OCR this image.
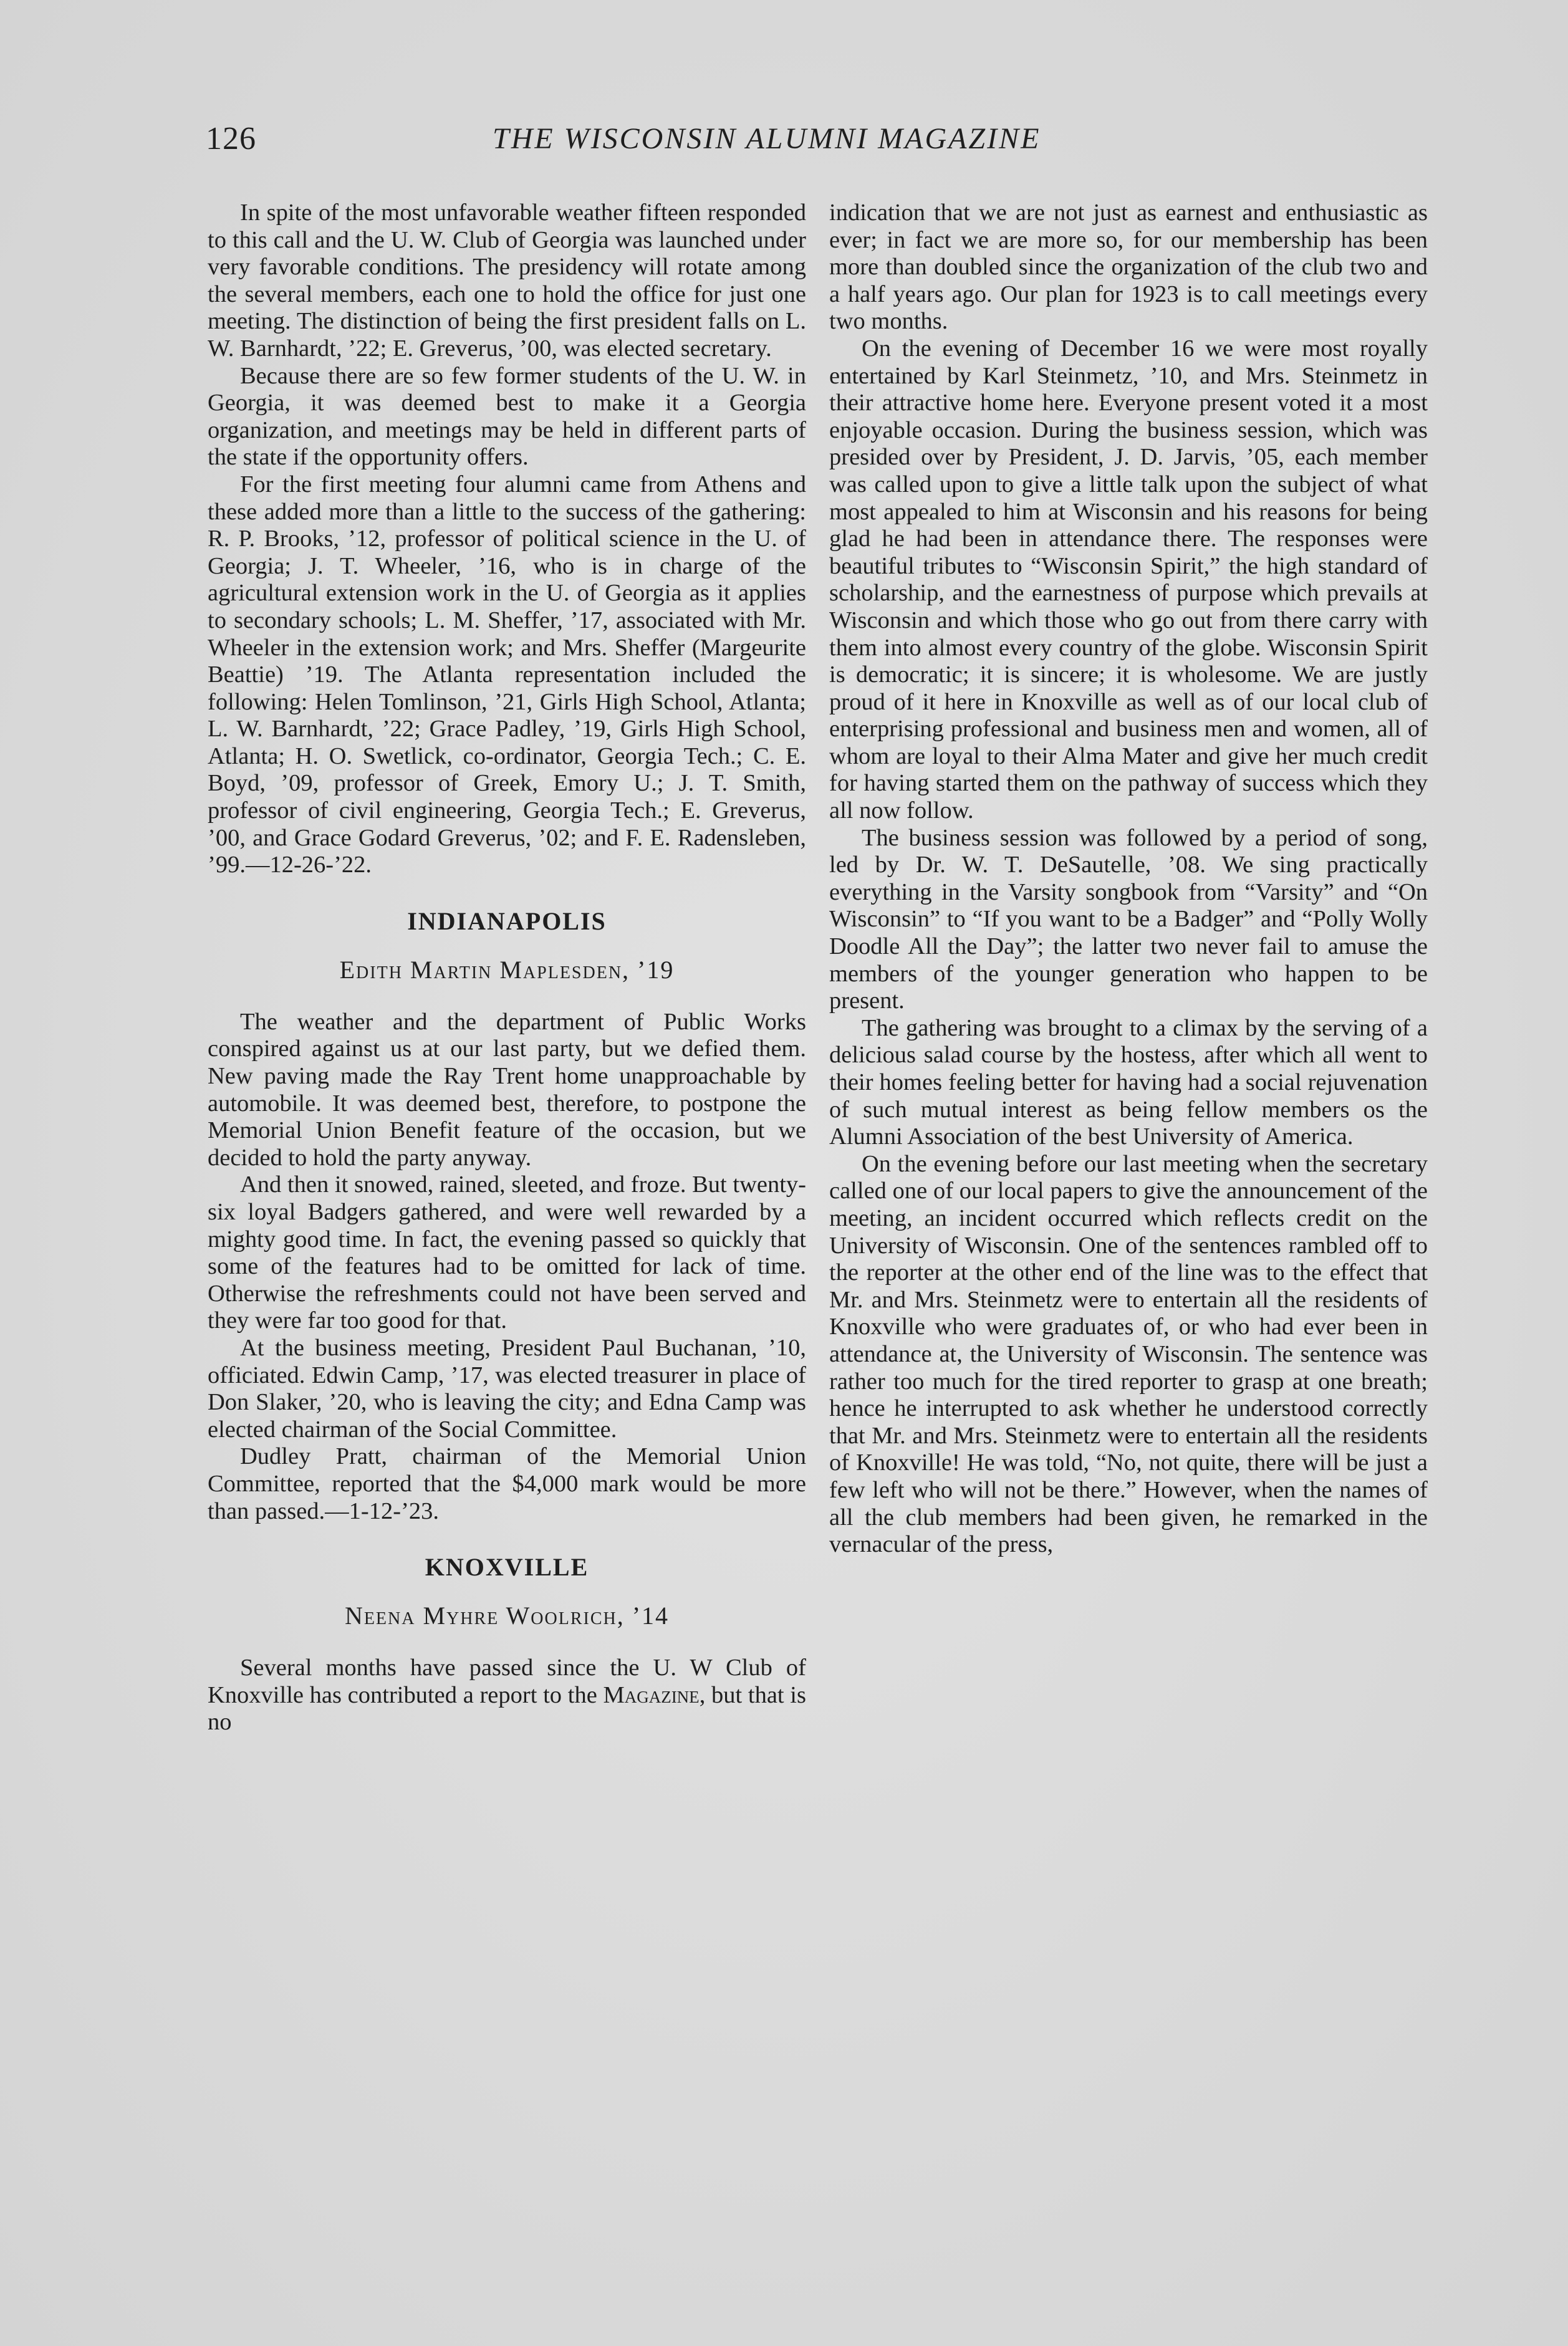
126	THE WISCONSIN ALUMNI MAGAZINE

In spite of the most unfavorable weather fifteen responded to this call and the U. W. Club of Georgia was launched under very favorable conditions. The presidency will rotate among the several members, each one to hold the office for just one meeting. The distinction of being the first president falls on L. W. Barnhardt, ’22; E. Greverus, ’00, was elected secretary.

Because there are so few former students of the U. W. in Georgia, it was deemed best to make it a Georgia organization, and meetings may be held in different parts of the state if the opportunity offers.

For the first meeting four alumni came from Athens and these added more than a little to the success of the gathering: R. P. Brooks, ’12, professor of political science in the U. of Georgia; J. T. Wheeler, ’16, who is in charge of the agricultural extension work in the U. of Georgia as it applies to secondary schools; L. M. Sheffer, ’17, associated with Mr. Wheeler in the extension work; and Mrs. Sheffer (Margeurite Beattie) ’19. The Atlanta representation included the following: Helen Tomlinson, ’21, Girls High School, Atlanta; L. W. Barnhardt, ’22; Grace Padley, ’19, Girls High School, Atlanta; H. O. Swetlick, co-ordinator, Georgia Tech.; C. E. Boyd, ’09, professor of Greek, Emory U.; J. T. Smith, professor of civil engineering, Georgia Tech.; E. Greverus, ’00, and Grace Godard Greverus, ’02; and F. E. Radensleben, ’99.—12-26-’22.

INDIANAPOLIS
Edith Martin Maplesden, ’19

The weather and the department of Public Works conspired against us at our last party, but we defied them. New paving made the Ray Trent home unapproachable by automobile. It was deemed best, therefore, to postpone the Memorial Union Benefit feature of the occasion, but we decided to hold the party anyway.

And then it snowed, rained, sleeted, and froze. But twenty-six loyal Badgers gathered, and were well rewarded by a mighty good time. In fact, the evening passed so quickly that some of the features had to be omitted for lack of time. Otherwise the refreshments could not have been served and they were far too good for that.

At the business meeting, President Paul Buchanan, ’10, officiated. Edwin Camp, ’17, was elected treasurer in place of Don Slaker, ’20, who is leaving the city; and Edna Camp was elected chairman of the Social Committee.

Dudley Pratt, chairman of the Memorial Union Committee, reported that the $4,000 mark would be more than passed.—1-12-’23.

KNOXVILLE
Neena Myhre Woolrich, ’14

Several months have passed since the U. W Club of Knoxville has contributed a report to the Magazine, but that is no

indication that we are not just as earnest and enthusiastic as ever; in fact we are more so, for our membership has been more than doubled since the organization of the club two and a half years ago. Our plan for 1923 is to call meetings every two months.

On the evening of December 16 we were most royally entertained by Karl Steinmetz, ’10, and Mrs. Steinmetz in their attractive home here. Everyone present voted it a most enjoyable occasion. During the business session, which was presided over by President, J. D. Jarvis, ’05, each member was called upon to give a little talk upon the subject of what most appealed to him at Wisconsin and his reasons for being glad he had been in attendance there. The responses were beautiful tributes to “Wisconsin Spirit,” the high standard of scholarship, and the earnestness of purpose which prevails at Wisconsin and which those who go out from there carry with them into almost every country of the globe. Wisconsin Spirit is democratic; it is sincere; it is wholesome. We are justly proud of it here in Knoxville as well as of our local club of enterprising professional and business men and women, all of whom are loyal to their Alma Mater and give her much credit for having started them on the pathway of success which they all now follow.

The business session was followed by a period of song, led by Dr. W. T. DeSautelle, ’08. We sing practically everything in the Varsity songbook from “Varsity” and “On Wisconsin” to “If you want to be a Badger” and “Polly Wolly Doodle All the Day”; the latter two never fail to amuse the members of the younger generation who happen to be present.

The gathering was brought to a climax by the serving of a delicious salad course by the hostess, after which all went to their homes feeling better for having had a social rejuvenation of such mutual interest as being fellow members os the Alumni Association of the best University of America.

On the evening before our last meeting when the secretary called one of our local papers to give the announcement of the meeting, an incident occurred which reflects credit on the University of Wisconsin. One of the sentences rambled off to the reporter at the other end of the line was to the effect that Mr. and Mrs. Steinmetz were to entertain all the residents of Knoxville who were graduates of, or who had ever been in attendance at, the University of Wisconsin. The sentence was rather too much for the tired reporter to grasp at one breath; hence he interrupted to ask whether he understood correctly that Mr. and Mrs. Steinmetz were to entertain all the residents of Knoxville! He was told, “No, not quite, there will be just a few left who will not be there.” However, when the names of all the club members had been given, he remarked in the vernacular of the press,
